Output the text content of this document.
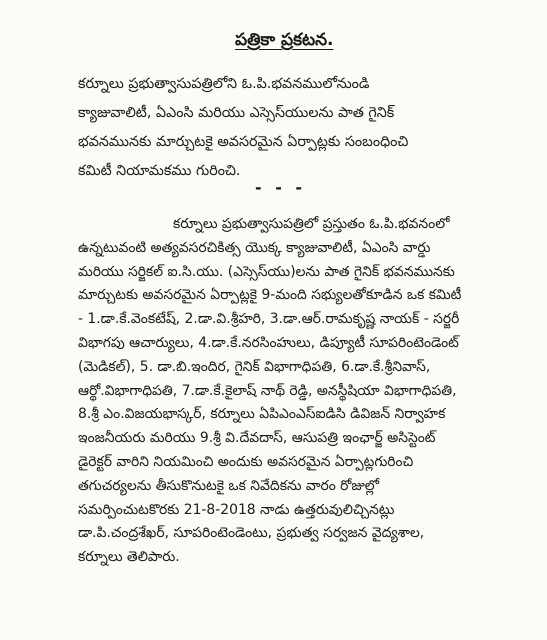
పత్రికా ప్రకటన.
కర్నూలు ప్రభుత్వాసుపత్రిలోని ఓ.పి.భవనములోనుండి
క్యాజువాలిటీ, ఏఎంసి మరియు ఎస్సెస్‌యులను పాత గైనిక్
భవనమునకు మార్చుటకై అవసరమైన ఏర్పాట్లకు సంబంధించి
కమిటీ నియామకము గురించి.
- - -
కర్నూలు ప్రభుత్వాసుపత్రిలో ప్రస్తుతం ఓ.పి.భవనంలో
ఉన్నటువంటి అత్యవసరచికిత్స యొక్క క్యాజువాలిటీ, ఏఎంసి వార్డు
మరియు సర్జికల్ ఐ.సి.యు. (ఎస్సెస్‌యు)లను పాత గైనిక్ భవనమునకు
మార్చుటకు అవసరమైన ఏర్పాట్లకై 9-మంది సభ్యులతోకూడిన ఒక కమిటీ
- 1.డా.కే.వెంకటేష్, 2.డా.వి.శ్రీహరి, 3.డా.ఆర్.రామకృష్ణ నాయక్ - సర్జరీ
విభాగపు ఆచార్యులు, 4.డా.కే.నరసింహులు, డిప్యూటీ సూపరింటెండెంట్
(మెడికల్), 5. డా.బి.ఇందిర, గైనిక్ విభాగాధిపతి, 6.డా.కే.శ్రీనివాస్,
ఆర్థో.విభాగాధిపతి, 7.డా.కే.కైలాష్ నాథ్ రెడ్డి, అనస్థీషియా విభాగాధిపతి,
8.శ్రీ ఎం.విజయభాస్కర్, కర్నూలు ఏపిఎంఎస్ఐడిసి డివిజన్ నిర్వాహక
ఇంజనీయరు మరియు 9.శ్రీ వి.దేవదాస్, ఆసుపత్రి ఇంఛార్జ్ అసిస్టెంట్
డైరెక్టర్ వారిని నియమించి అందుకు అవసరమైన ఏర్పాట్లగురించి
తగుచర్యలను తీసుకొనుటకై ఒక నివేదికను వారం రోజుల్లో
సమర్పించుటకొరకు 21-8-2018 నాడు ఉత్తరువులిచ్చినట్లు
డా.పి.చంద్రశేఖర్, సూపరింటెండెంటు, ప్రభుత్వ సర్వజన వైద్యశాల,
కర్నూలు తెలిపారు.
